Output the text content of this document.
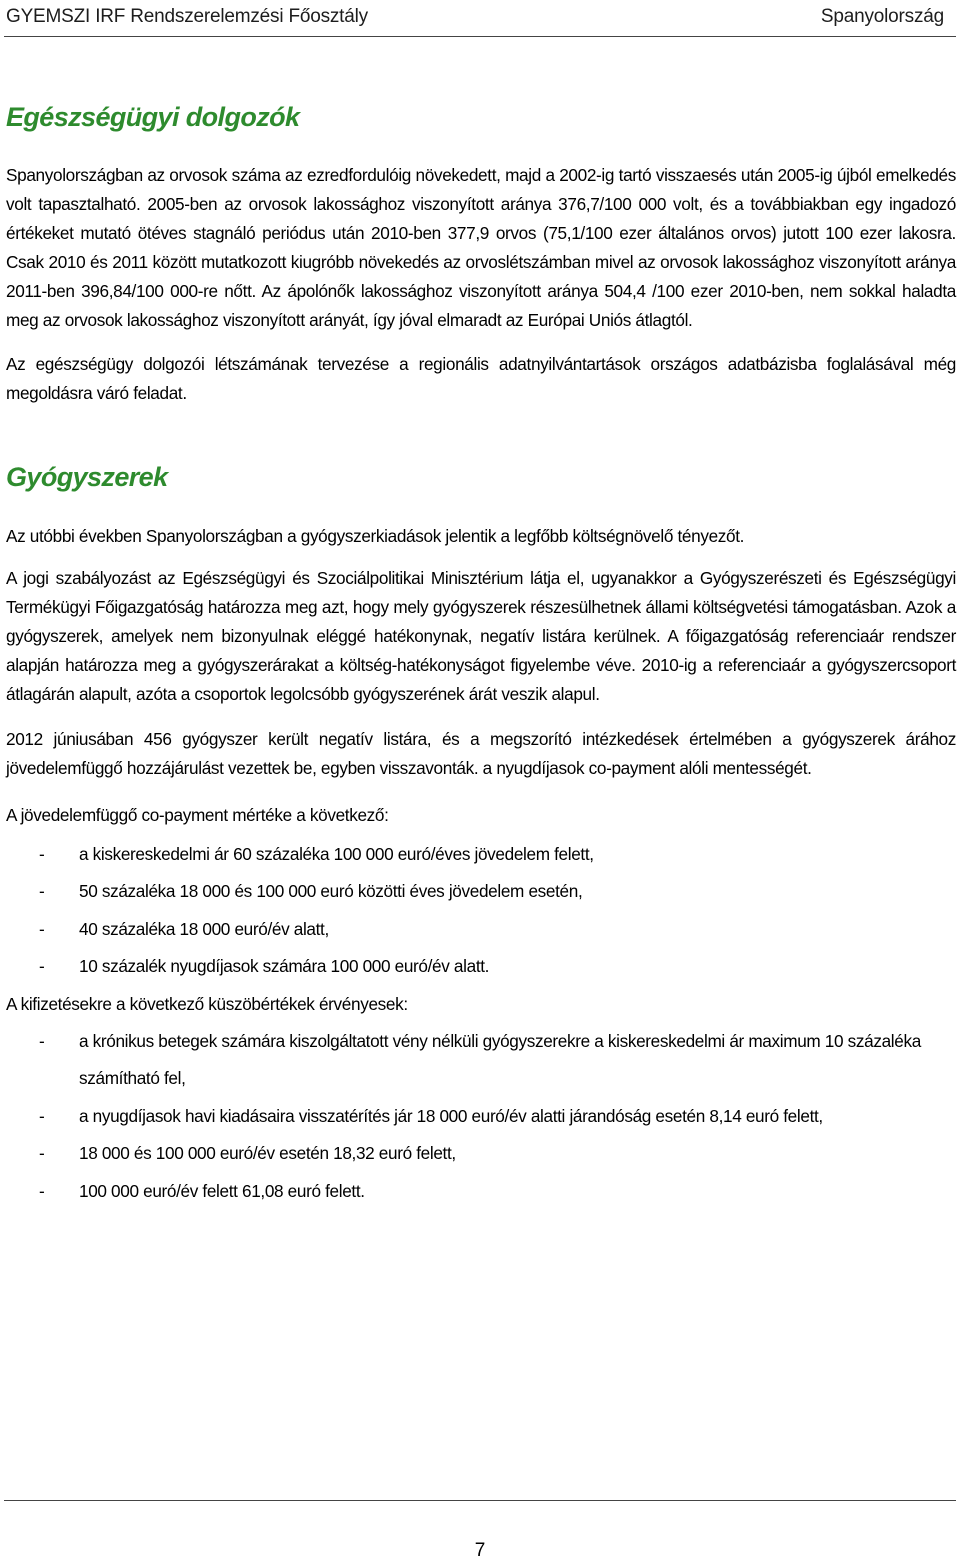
GYEMSZI IRF Rendszerelemzési Főosztály	Spanyolország
Egészségügyi dolgozók

Spanyolországban az orvosok száma az ezredfordulóig növekedett, majd a 2002-ig tartó visszaesés után 2005-ig újból emelkedés volt tapasztalható. 2005-ben az orvosok lakossághoz viszonyított aránya 376,7/100 000 volt, és a továbbiakban egy ingadozó értékeket mutató ötéves stagnáló periódus után 2010-ben 377,9 orvos (75,1/100 ezer általános orvos) jutott 100 ezer lakosra. Csak 2010 és 2011 között mutatkozott kiugróbb növekedés az orvoslétszámban mivel az orvosok lakossághoz viszonyított aránya 2011-ben 396,84/100 000-re nőtt. Az ápolónők lakossághoz viszonyított aránya 504,4 /100 ezer 2010-ben, nem sokkal haladta meg az orvosok lakossághoz viszonyított arányát, így jóval elmaradt az Európai Uniós átlagtól.

Az egészségügy dolgozói létszámának tervezése a regionális adatnyilvántartások országos adatbázisba foglalásával még megoldásra váró feladat.

Gyógyszerek

Az utóbbi években Spanyolországban a gyógyszerkiadások jelentik a legfőbb költségnövelő tényezőt.

A jogi szabályozást az Egészségügyi és Szociálpolitikai Minisztérium látja el, ugyanakkor a Gyógyszerészeti és Egészségügyi Termékügyi Főigazgatóság határozza meg azt, hogy mely gyógyszerek részesülhetnek állami költségvetési támogatásban. Azok a gyógyszerek, amelyek nem bizonyulnak eléggé hatékonynak, negatív listára kerülnek. A főigazgatóság referenciaár rendszer alapján határozza meg a gyógyszerárakat a költség-hatékonyságot figyelembe véve. 2010-ig a referenciaár a gyógyszercsoport átlagárán alapult, azóta a csoportok legolcsóbb gyógyszerének árát veszik alapul.

2012 júniusában 456 gyógyszer került negatív listára, és a megszorító intézkedések értelmében a gyógyszerek árához jövedelemfüggő hozzájárulást vezettek be, egyben visszavonták. a nyugdíjasok co-payment alóli mentességét.

A jövedelemfüggő co-payment mértéke a következő:

- a kiskereskedelmi ár 60 százaléka 100 000 euró/éves jövedelem felett,
- 50 százaléka 18 000 és 100 000 euró közötti éves jövedelem esetén,
- 40 százaléka 18 000 euró/év alatt,
- 10 százalék nyugdíjasok számára 100 000 euró/év alatt.

A kifizetésekre a következő küszöbértékek érvényesek:

- a krónikus betegek számára kiszolgáltatott vény nélküli gyógyszerekre a kiskereskedelmi ár maximum 10 százaléka számítható fel,
- a nyugdíjasok havi kiadásaira visszatérítés jár 18 000 euró/év alatti járandóság esetén 8,14 euró felett,
- 18 000 és 100 000 euró/év esetén 18,32 euró felett,
- 100 000 euró/év felett 61,08 euró felett.
7
